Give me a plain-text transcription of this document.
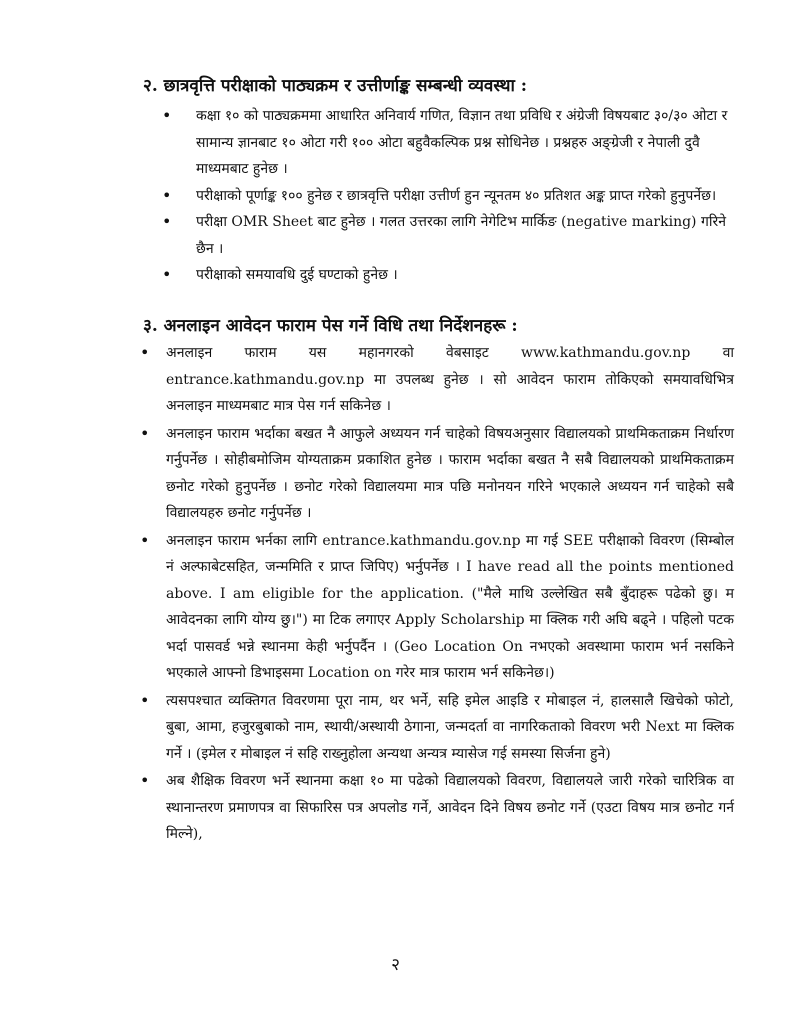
२. छात्रवृत्ति परीक्षाको पाठ्यक्रम र उत्तीर्णाङ्क सम्बन्धी व्यवस्था :
• कक्षा १० को पाठ्यक्रममा आधारित अनिवार्य गणित, विज्ञान तथा प्रविधि र अंग्रेजी विषयबाट ३०/३० ओटा र सामान्य ज्ञानबाट १० ओटा गरी १०० ओटा बहुवैकल्पिक प्रश्न सोधिनेछ । प्रश्नहरु अङ्ग्रेजी र नेपाली दुवै माध्यमबाट हुनेछ ।
• परीक्षाको पूर्णाङ्क १०० हुनेछ र छात्रवृत्ति परीक्षा उत्तीर्ण हुन न्यूनतम ४० प्रतिशत अङ्क प्राप्त गरेको हुनुपर्नेछ।
• परीक्षा OMR Sheet बाट हुनेछ । गलत उत्तरका लागि नेगेटिभ मार्किङ (negative marking) गरिने छैन ।
• परीक्षाको समयावधि दुई घण्टाको हुनेछ ।
३. अनलाइन आवेदन फाराम पेस गर्ने विधि तथा निर्देशनहरू :
• अनलाइन फाराम यस महानगरको वेबसाइट www.kathmandu.gov.np वा entrance.kathmandu.gov.np मा उपलब्ध हुनेछ । सो आवेदन फाराम तोकिएको समयावधिभित्र अनलाइन माध्यमबाट मात्र पेस गर्न सकिनेछ ।
• अनलाइन फाराम भर्दाका बखत नै आफुले अध्ययन गर्न चाहेको विषयअनुसार विद्यालयको प्राथमिकताक्रम निर्धारण गर्नुपर्नेछ । सोहीबमोजिम योग्यताक्रम प्रकाशित हुनेछ । फाराम भर्दाका बखत नै सबै विद्यालयको प्राथमिकताक्रम छनोट गरेको हुनुपर्नेछ । छनोट गरेको विद्यालयमा मात्र पछि मनोनयन गरिने भएकाले अध्ययन गर्न चाहेको सबै विद्यालयहरु छनोट गर्नुपर्नेछ ।
• अनलाइन फाराम भर्नका लागि entrance.kathmandu.gov.np मा गई SEE परीक्षाको विवरण (सिम्बोल नं अल्फाबेटसहित, जन्ममिति र प्राप्त जिपिए) भर्नुपर्नेछ । I have read all the points mentioned above. I am eligible for the application. ("मैले माथि उल्लेखित सबै बुँदाहरू पढेको छु। म आवेदनका लागि योग्य छु।") मा टिक लगाएर Apply Scholarship मा क्लिक गरी अघि बढ्ने । पहिलो पटक भर्दा पासवर्ड भन्ने स्थानमा केही भर्नुपर्दैन । (Geo Location On नभएको अवस्थामा फाराम भर्न नसकिने भएकाले आफ्नो डिभाइसमा Location on गरेर मात्र फाराम भर्न सकिनेछ।)
• त्यसपश्चात व्यक्तिगत विवरणमा पूरा नाम, थर भर्ने, सहि इमेल आइडि र मोबाइल नं, हालसालै खिचेको फोटो, बुबा, आमा, हजुरबुबाको नाम, स्थायी/अस्थायी ठेगाना, जन्मदर्ता वा नागरिकताको विवरण भरी Next मा क्लिक गर्ने । (इमेल र मोबाइल नं सहि राख्नुहोला अन्यथा अन्यत्र म्यासेज गई समस्या सिर्जना हुने)
• अब शैक्षिक विवरण भर्ने स्थानमा कक्षा १० मा पढेको विद्यालयको विवरण, विद्यालयले जारी गरेको चारित्रिक वा स्थानान्तरण प्रमाणपत्र वा सिफारिस पत्र अपलोड गर्ने, आवेदन दिने विषय छनोट गर्ने (एउटा विषय मात्र छनोट गर्न मिल्ने),
२
